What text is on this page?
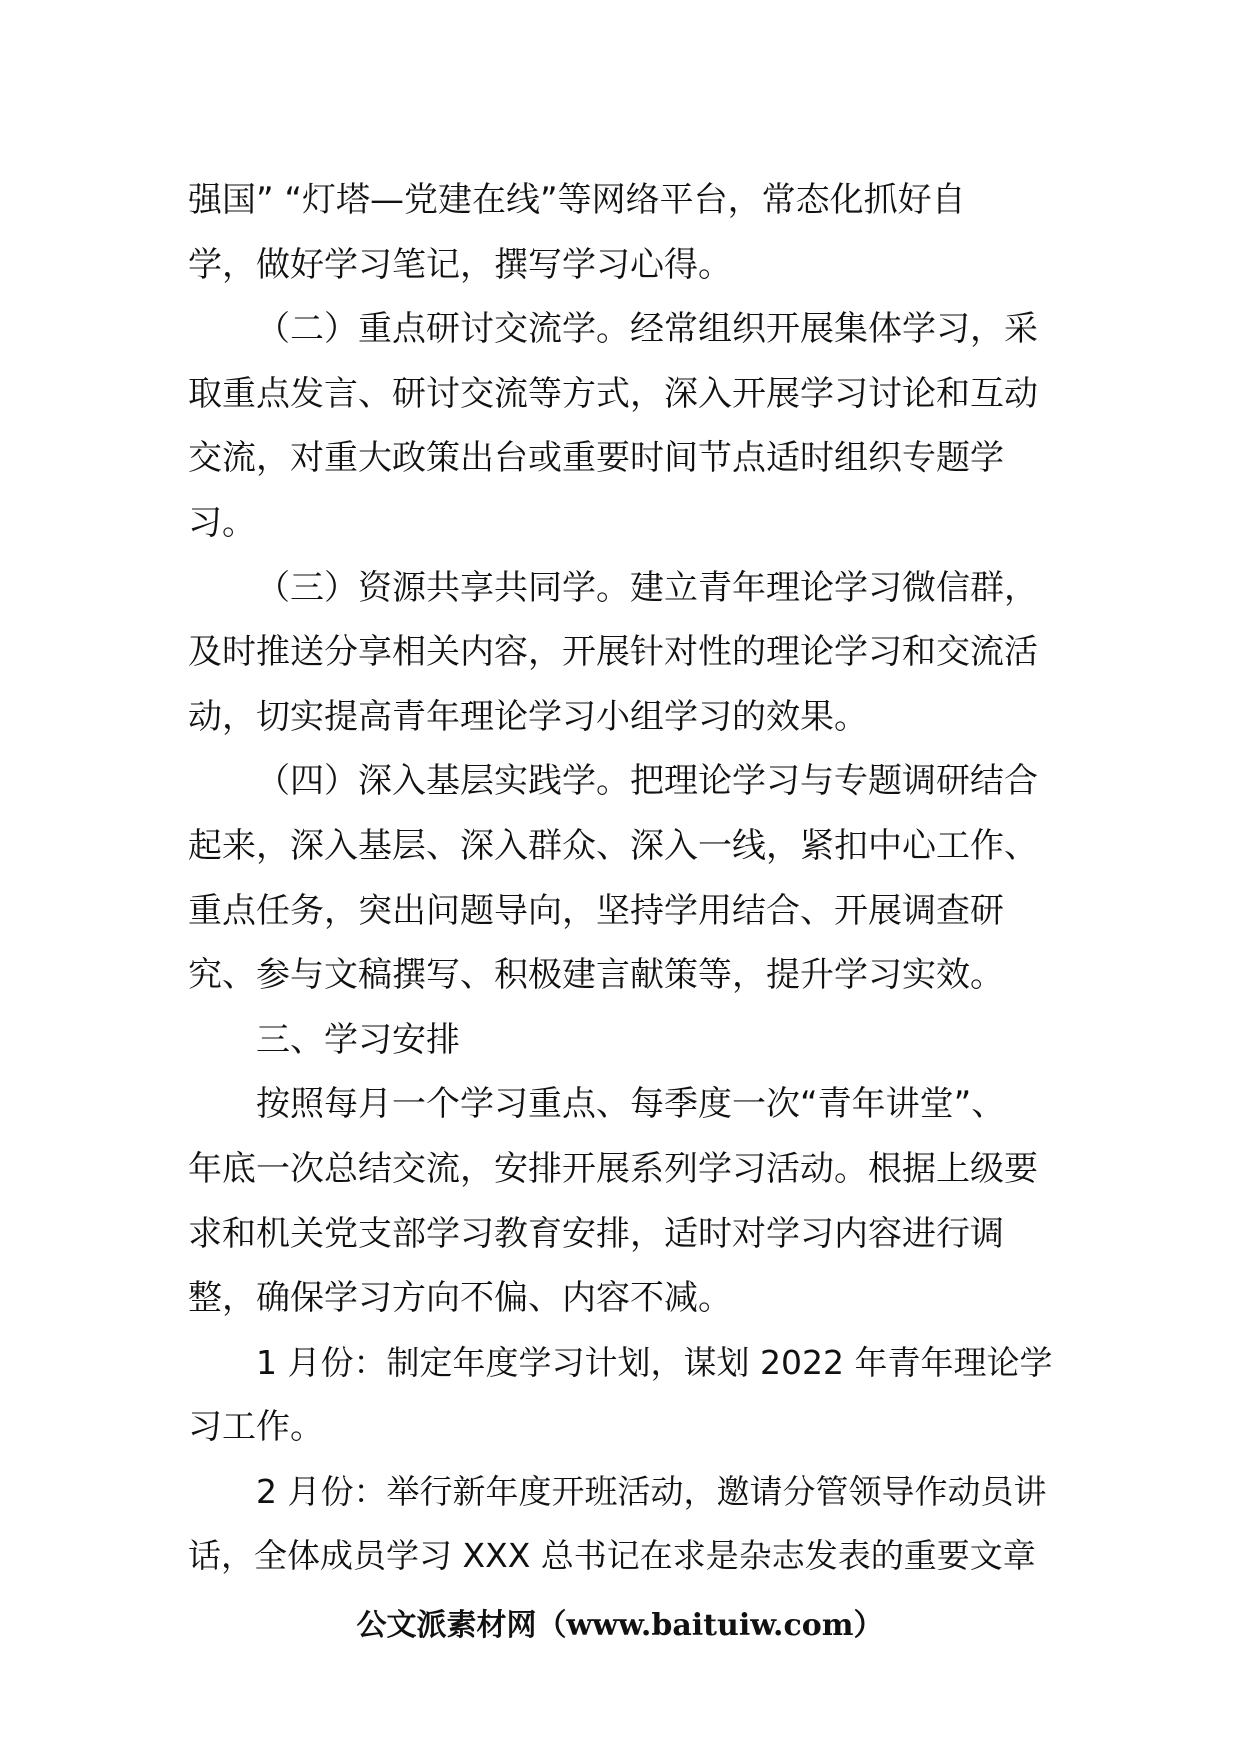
强国” “灯塔—党建在线”等网络平台，常态化抓好自
学，做好学习笔记，撰写学习心得。
（二）重点研讨交流学。经常组织开展集体学习，采
取重点发言、研讨交流等方式，深入开展学习讨论和互动
交流，对重大政策出台或重要时间节点适时组织专题学
习。
（三）资源共享共同学。建立青年理论学习微信群，
及时推送分享相关内容，开展针对性的理论学习和交流活
动，切实提高青年理论学习小组学习的效果。
（四）深入基层实践学。把理论学习与专题调研结合
起来，深入基层、深入群众、深入一线，紧扣中心工作、
重点任务，突出问题导向，坚持学用结合、开展调查研
究、参与文稿撰写、积极建言献策等，提升学习实效。
三、学习安排
按照每月一个学习重点、每季度一次“青年讲堂”、
年底一次总结交流，安排开展系列学习活动。根据上级要
求和机关党支部学习教育安排，适时对学习内容进行调
整，确保学习方向不偏、内容不减。
1 月份：制定年度学习计划，谋划 2022 年青年理论学
习工作。
2 月份：举行新年度开班活动，邀请分管领导作动员讲
话，全体成员学习 XXX 总书记在求是杂志发表的重要文章
公文派素材网（www.baituiw.com）
